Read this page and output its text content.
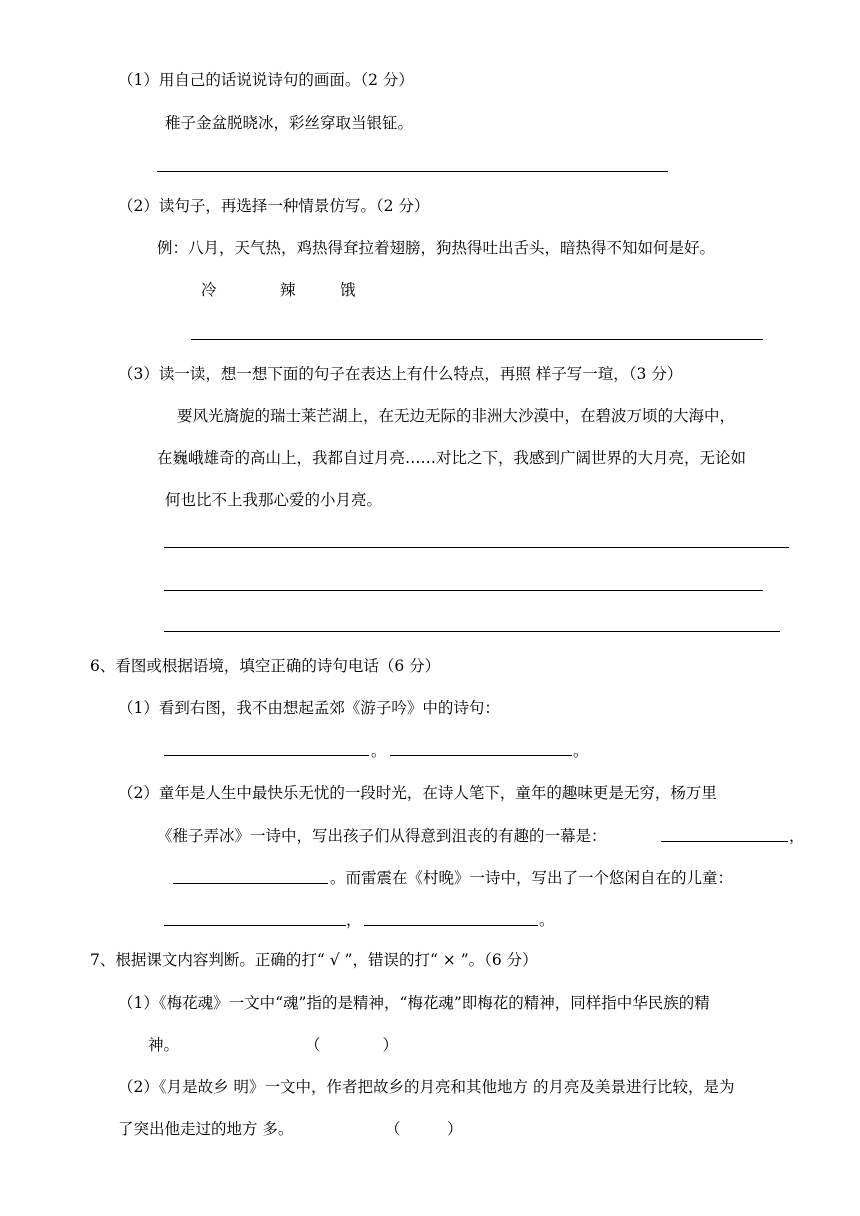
（1）用自己的话说说诗句的画面。（2 分）
稚子金盆脱晓冰，彩丝穿取当银钲。
（2）读句子，再选择一种情景仿写。（2 分）
例：八月，天气热，鸡热得耷拉着翅膀，狗热得吐出舌头，暗热得不知如何是好。
冷	辣	饿
（3）读一读，想一想下面的句子在表达上有什么特点，再照 样子写一瑄，（3 分）
要风光旖旎的瑞士莱芒湖上，在无边无际的非洲大沙漠中，在碧波万顷的大海中，
在巍峨雄奇的高山上，我都自过月亮……对比之下，我感到广阔世界的大月亮，无论如
何也比不上我那心爱的小月亮。
6、看图或根据语境，填空正确的诗句电话（6 分）
（1）看到右图，我不由想起孟郊《游子吟》中的诗句：
。	。
（2）童年是人生中最快乐无忧的一段时光，在诗人笔下，童年的趣味更是无穷，杨万里
《稚子弄冰》一诗中，写出孩子们从得意到沮丧的有趣的一幕是：	，
。而雷震在《村晚》一诗中，写出了一个悠闲自在的儿童：
，	。
7、根据课文内容判断。正确的打“ √ ”，错误的打“ × ”。（6 分）
（1）《梅花魂》一文中“魂”指的是精神，“梅花魂”即梅花的精神，同样指中华民族的精
神。	（　　　　）
（2）《月是故乡 明》一文中，作者把故乡的月亮和其他地方 的月亮及美景进行比较，是为
了突出他走过的地方 多。	（　　　）
